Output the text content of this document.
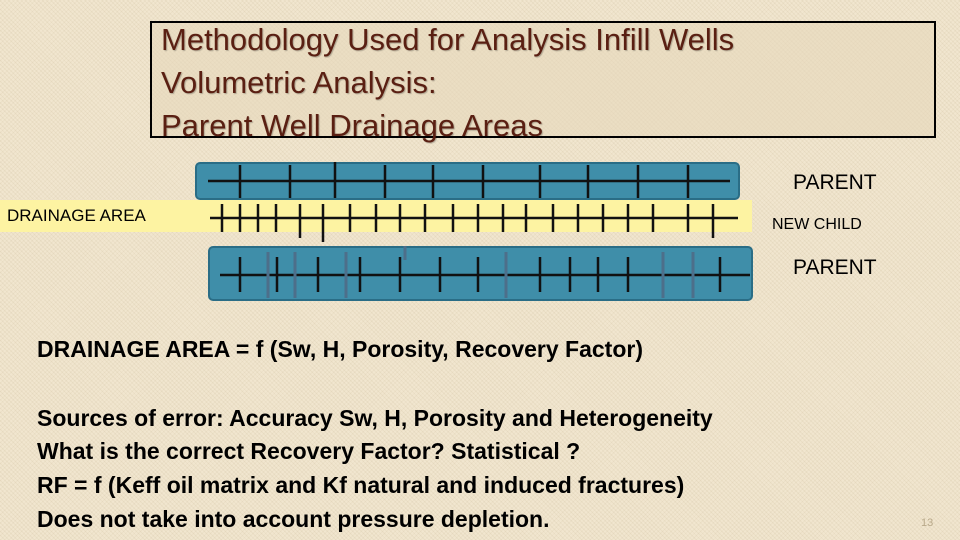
Methodology Used for Analysis Infill Wells
Volumetric Analysis:
Parent Well Drainage Areas
PARENT
NEW CHILD
PARENT
DRAINAGE AREA
DRAINAGE AREA = f (Sw, H, Porosity, Recovery Factor)
Sources of error: Accuracy Sw, H, Porosity and Heterogeneity
What is the correct Recovery Factor? Statistical ?
RF = f (Keff oil matrix and Kf natural and induced fractures)
Does not take into account pressure depletion.	13
